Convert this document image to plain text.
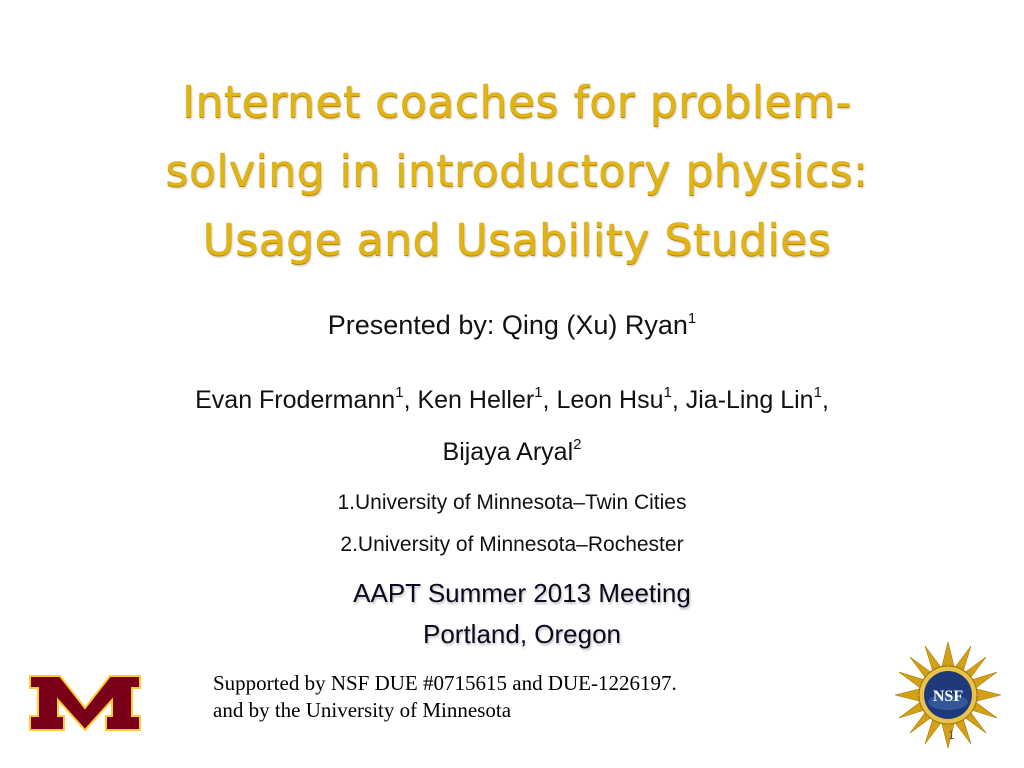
Internet coaches for problem-
solving in introductory physics:
Usage and Usability Studies
Presented by: Qing (Xu) Ryan$^1$
Evan Frodermann$^1$, Ken Heller$^1$, Leon Hsu$^1$, Jia-Ling Lin$^1$,
Bijaya Aryal$^2$
1.University of Minnesota–Twin Cities
2.University of Minnesota–Rochester
AAPT Summer 2013 Meeting
Portland, Oregon
Supported by NSF DUE #0715615 and DUE-1226197.
and by the University of Minnesota
NSF
1
